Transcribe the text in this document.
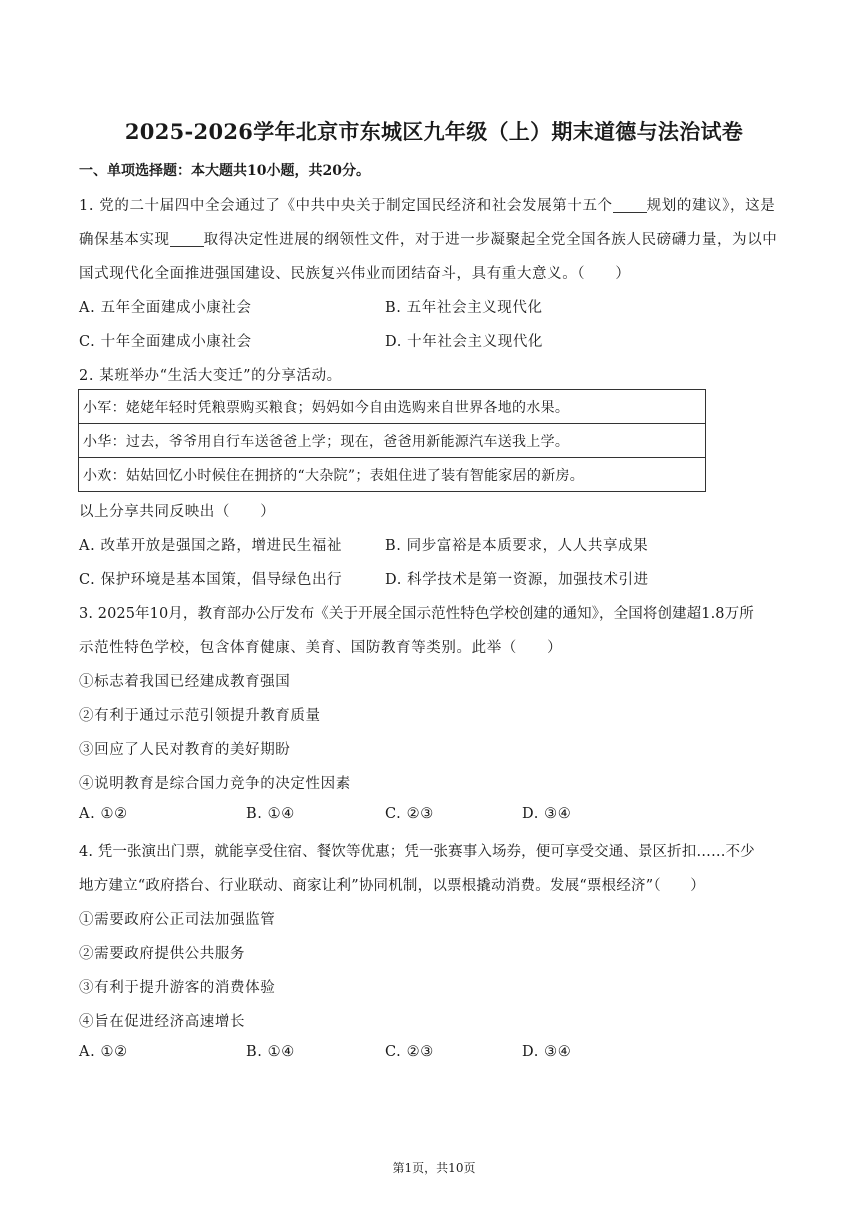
2025-2026学年北京市东城区九年级（上）期末道德与法治试卷
一、单项选择题：本大题共10小题，共20分。
1. 党的二十届四中全会通过了《中共中央关于制定国民经济和社会发展第十五个 规划的建议》，这是
确保基本实现 取得决定性进展的纲领性文件，对于进一步凝聚起全党全国各族人民磅礴力量，为以中
国式现代化全面推进强国建设、民族复兴伟业而团结奋斗，具有重大意义。（　　）
A. 五年全面建成小康社会	B. 五年社会主义现代化
C. 十年全面建成小康社会	D. 十年社会主义现代化
2. 某班举办“生活大变迁”的分享活动。
小军：姥姥年轻时凭粮票购买粮食；妈妈如今自由选购来自世界各地的水果。
小华：过去，爷爷用自行车送爸爸上学；现在，爸爸用新能源汽车送我上学。
小欢：姑姑回忆小时候住在拥挤的“大杂院”；表姐住进了装有智能家居的新房。
以上分享共同反映出（　　）
A. 改革开放是强国之路，增进民生福祉	B. 同步富裕是本质要求，人人共享成果
C. 保护环境是基本国策，倡导绿色出行	D. 科学技术是第一资源，加强技术引进
3. 2025年10月，教育部办公厅发布《关于开展全国示范性特色学校创建的通知》，全国将创建超1.8万所
示范性特色学校，包含体育健康、美育、国防教育等类别。此举（　　）
①标志着我国已经建成教育强国
②有利于通过示范引领提升教育质量
③回应了人民对教育的美好期盼
④说明教育是综合国力竞争的决定性因素
A. ①②	B. ①④	C. ②③	D. ③④
4. 凭一张演出门票，就能享受住宿、餐饮等优惠；凭一张赛事入场券，便可享受交通、景区折扣……不少
地方建立“政府搭台、行业联动、商家让利”协同机制，以票根撬动消费。发展“票根经济”（　　）
①需要政府公正司法加强监管
②需要政府提供公共服务
③有利于提升游客的消费体验
④旨在促进经济高速增长
A. ①②	B. ①④	C. ②③	D. ③④
第1页，共10页
